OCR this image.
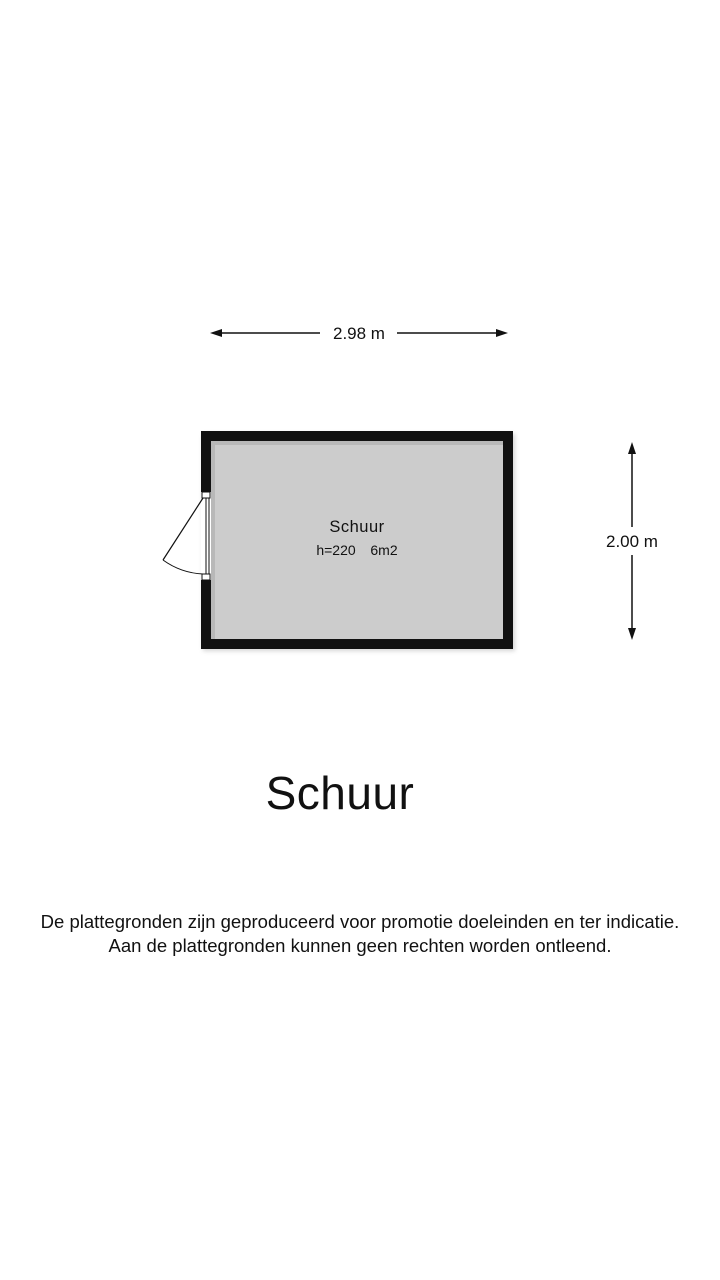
2.98 m
2.00 m
Schuur
h=220 6m2
Schuur
De plattegronden zijn geproduceerd voor promotie doeleinden en ter indicatie.
Aan de plattegronden kunnen geen rechten worden ontleend.
